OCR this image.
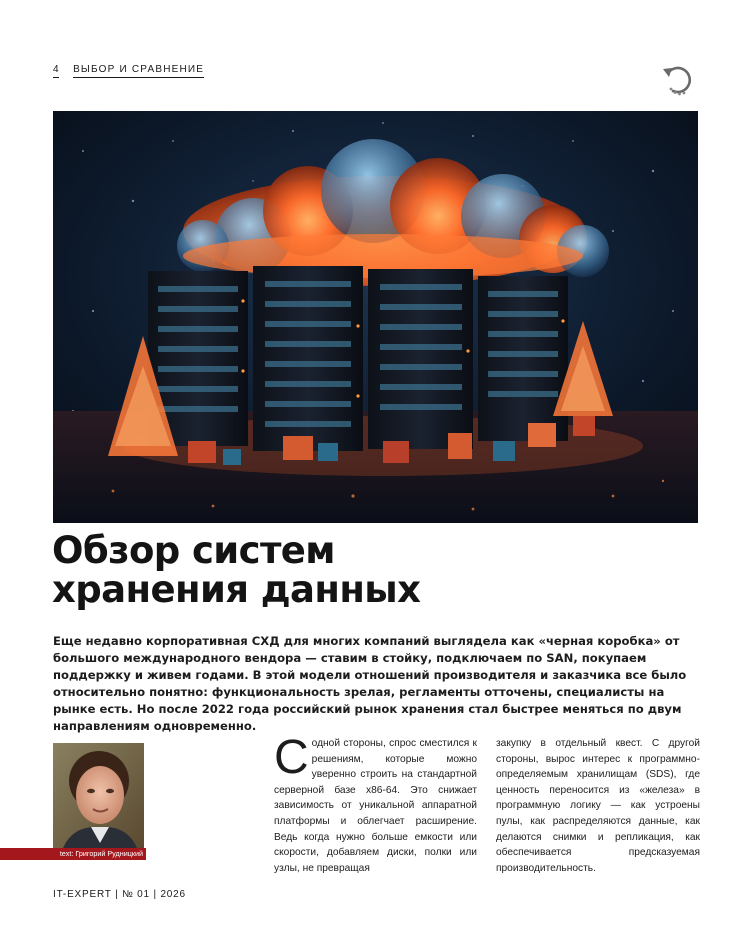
4 ВЫБОР И СРАВНЕНИЕ
Обзор систем
хранения данных

Еще недавно корпоративная СХД для многих компаний выглядела как «черная коробка» от большого международного вендора — ставим в стойку, подключаем по SAN, покупаем поддержку и живем годами. В этой модели отношений производителя и заказчика все было относительно понятно: функциональность зрелая, регламенты отточены, специалисты на рынке есть. Но после 2022 года российский рынок хранения стал быстрее меняться по двум направлениям одновременно.

text: Григорий Рудницкий

Содной стороны, спрос сместился к решениям, которые можно уверенно строить на стандартной серверной базе x86-64. Это снижает зависимость от уникальной аппаратной платформы и облегчает расширение. Ведь когда нужно больше емкости или скорости, добавляем диски, полки или узлы, не превращая

закупку в отдельный квест. С другой стороны, вырос интерес к программно-определяемым хранилищам (SDS), где ценность переносится из «железа» в программную логику — как устроены пулы, как распределяются данные, как делаются снимки и репликация, как обеспечивается предсказуемая производительность.

IT-EXPERT | № 01 | 2026
